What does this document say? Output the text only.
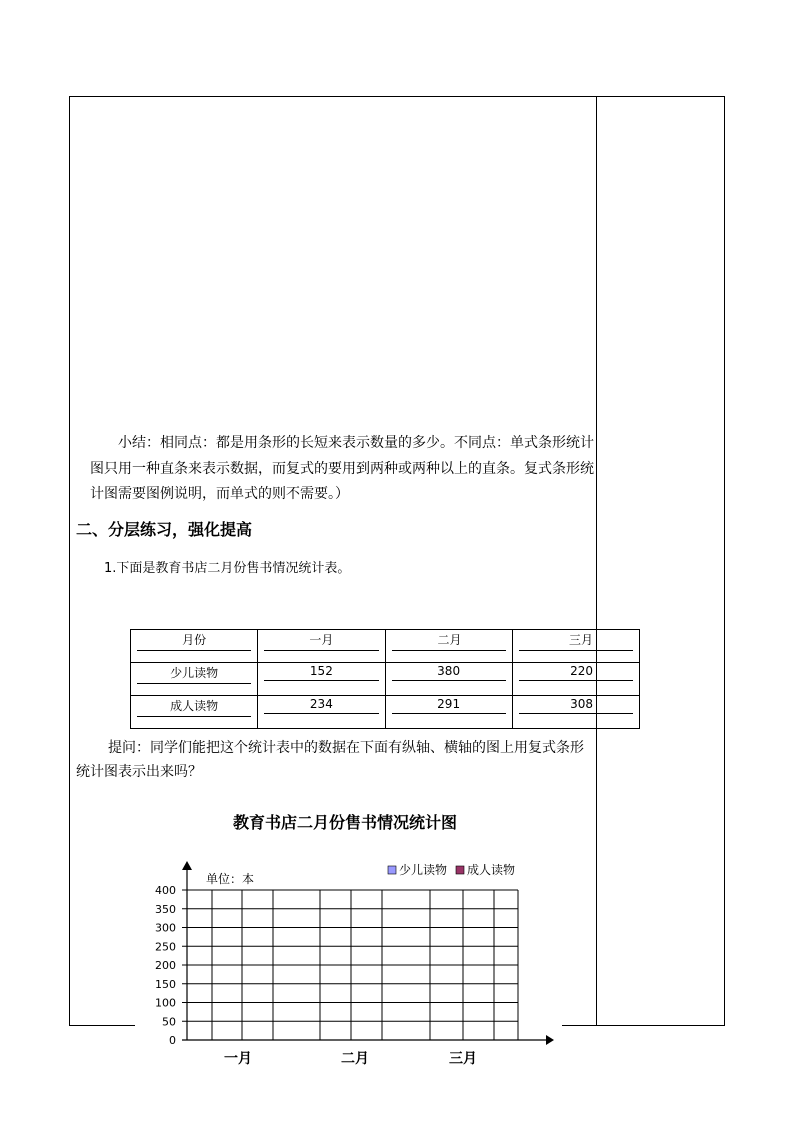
小结：相同点：都是用条形的长短来表示数量的多少。不同点：单式条形统计
图只用一种直条来表示数据，而复式的要用到两种或两种以上的直条。复式条形统
计图需要图例说明，而单式的则不需要。）
二、分层练习，强化提高
1.下面是教育书店二月份售书情况统计表。
月份	一月	二月	三月

少儿读物	152	380	220

成人读物	234	291	308
提问：同学们能把这个统计表中的数据在下面有纵轴、横轴的图上用复式条形
统计图表示出来吗？
教育书店二月份售书情况统计图
400
350
300
250
200
150
100
50
0
一月	二月	三月
单位：本
少儿读物 成人读物
